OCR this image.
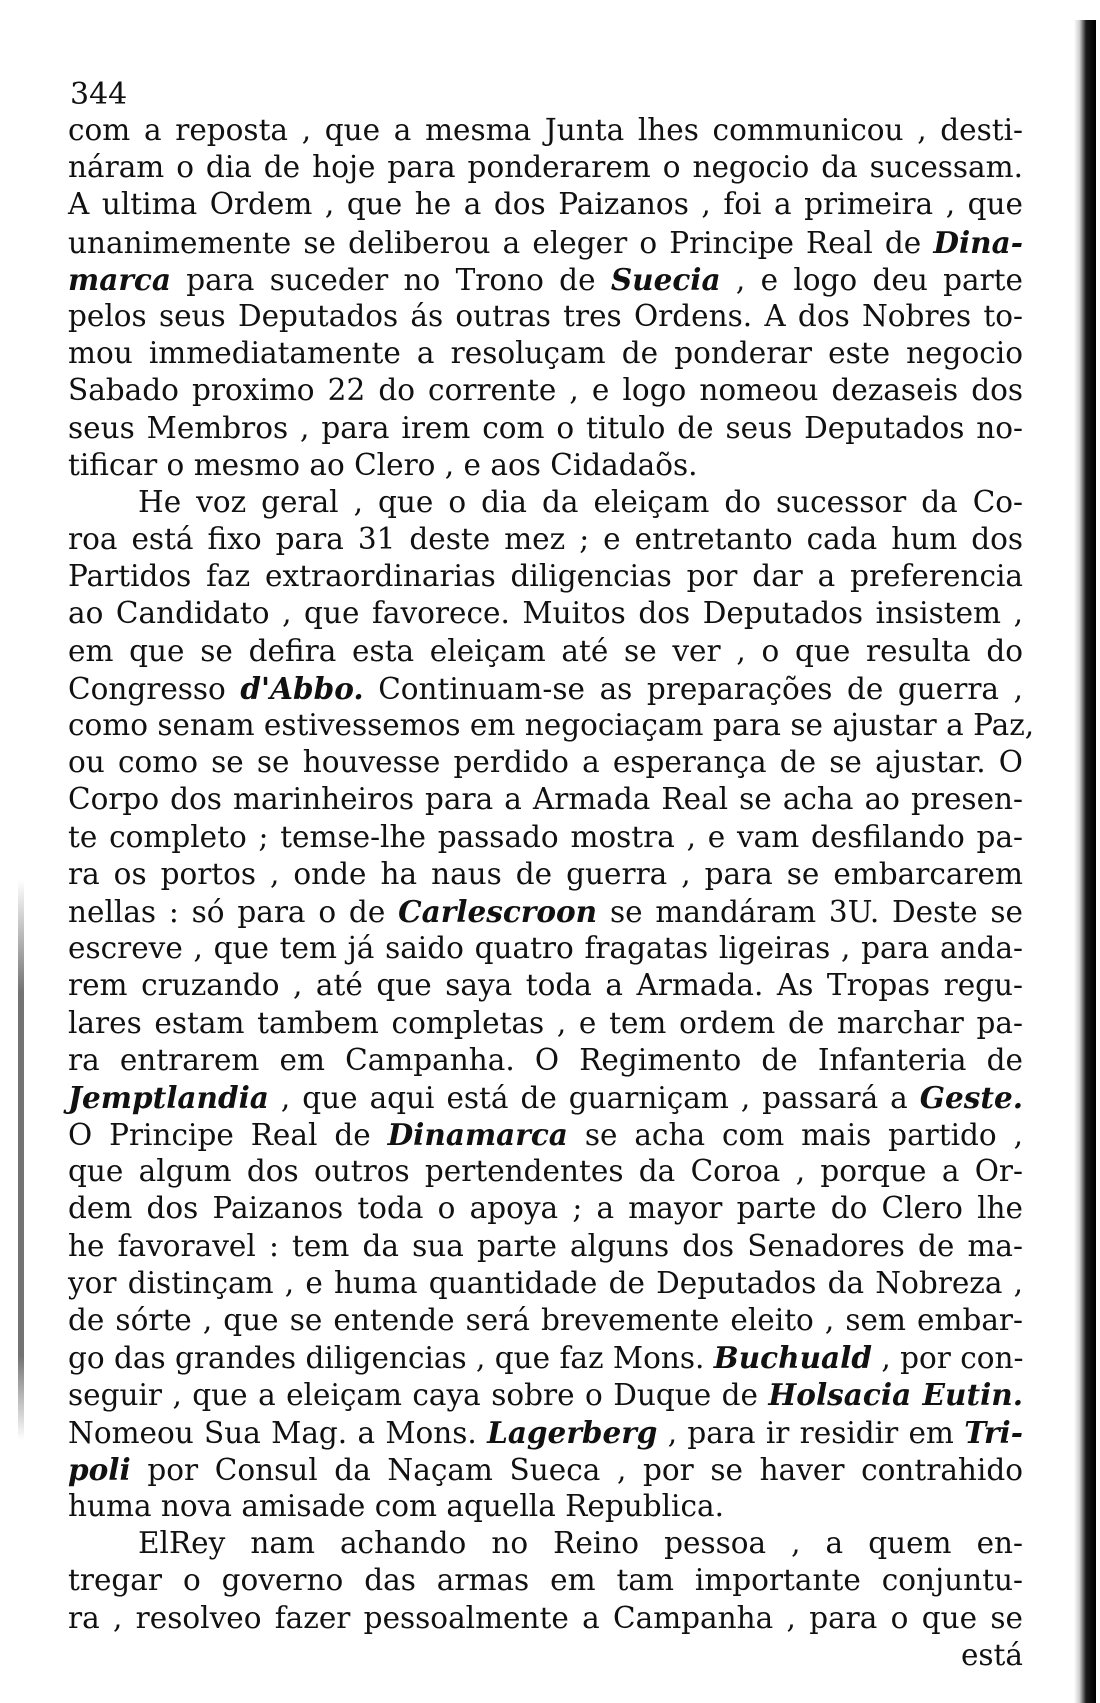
344
com a reposta , que a mesma Junta lhes communicou , desti-
náram o dia de hoje para ponderarem o negocio da sucessam.
A ultima Ordem , que he a dos Paizanos , foi a primeira , que
unanimemente se deliberou a eleger o Principe Real de Dina-
marca para suceder no Trono de Suecia , e logo deu parte
pelos seus Deputados ás outras tres Ordens. A dos Nobres to-
mou immediatamente a resoluçam de ponderar este negocio
Sabado proximo 22 do corrente , e logo nomeou dezaseis dos
seus Membros , para irem com o titulo de seus Deputados no-
tificar o mesmo ao Clero , e aos Cidadaõs.
He voz geral , que o dia da eleiçam do sucessor da Co-
roa está fixo para 31 deste mez ; e entretanto cada hum dos
Partidos faz extraordinarias diligencias por dar a preferencia
ao Candidato , que favorece. Muitos dos Deputados insistem ,
em que se defira esta eleiçam até se ver , o que resulta do
Congresso d'Abbo. Continuam-se as preparações de guerra ,
como senam estivessemos em negociaçam para se ajustar a Paz,
ou como se se houvesse perdido a esperança de se ajustar. O
Corpo dos marinheiros para a Armada Real se acha ao presen-
te completo ; temse-lhe passado mostra , e vam desfilando pa-
ra os portos , onde ha naus de guerra , para se embarcarem
nellas : só para o de Carlescroon se mandáram 3U. Deste se
escreve , que tem já saido quatro fragatas ligeiras , para anda-
rem cruzando , até que saya toda a Armada. As Tropas regu-
lares estam tambem completas , e tem ordem de marchar pa-
ra entrarem em Campanha. O Regimento de Infanteria de
Jemptlandia , que aqui está de guarniçam , passará a Geste.
O Principe Real de Dinamarca se acha com mais partido ,
que algum dos outros pertendentes da Coroa , porque a Or-
dem dos Paizanos toda o apoya ; a mayor parte do Clero lhe
he favoravel : tem da sua parte alguns dos Senadores de ma-
yor distinçam , e huma quantidade de Deputados da Nobreza ,
de sórte , que se entende será brevemente eleito , sem embar-
go das grandes diligencias , que faz Mons. Buchuald , por con-
seguir , que a eleiçam caya sobre o Duque de Holsacia Eutin.
Nomeou Sua Mag. a Mons. Lagerberg , para ir residir em Tri-
poli por Consul da Naçam Sueca , por se haver contrahido
huma nova amisade com aquella Republica.
ElRey nam achando no Reino pessoa , a quem en-
tregar o governo das armas em tam importante conjuntu-
ra , resolveo fazer pessoalmente a Campanha , para o que se
está
